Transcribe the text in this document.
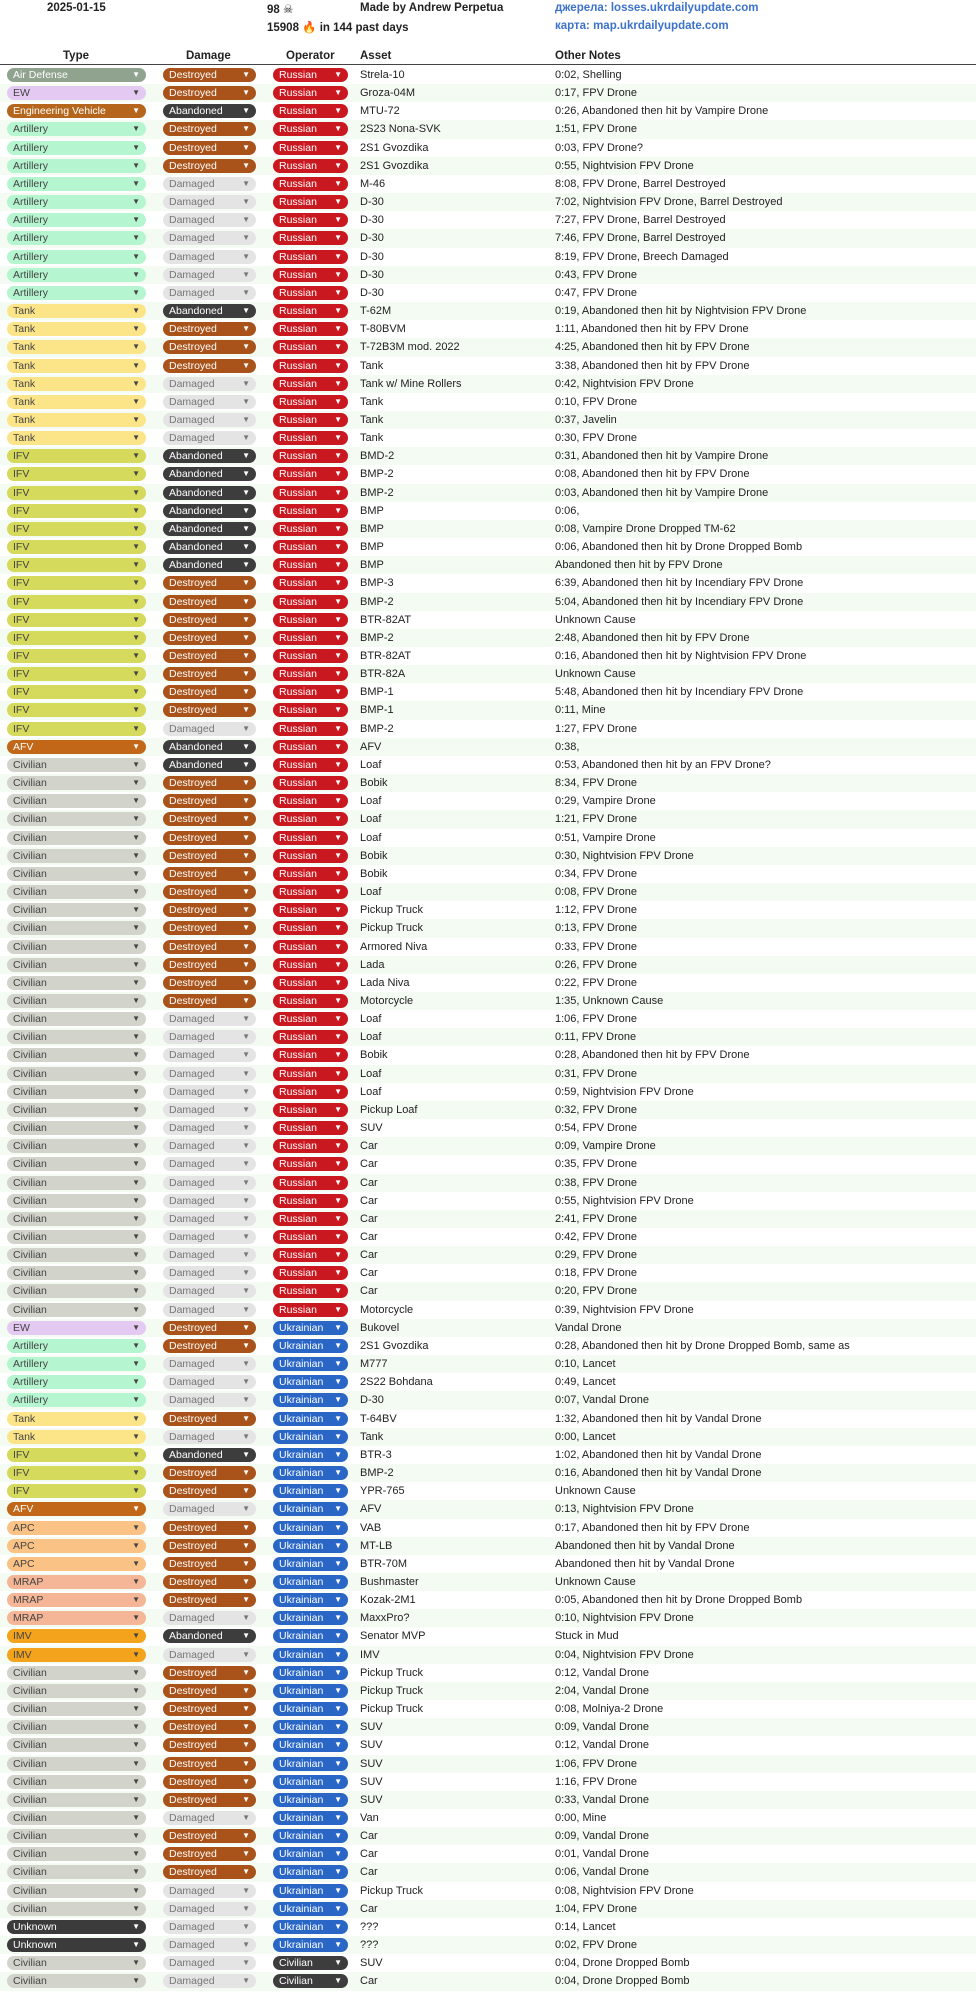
2025-01-15	98 ☠
15908 🔥 in 144 past days
Made by Andrew Perpetua	джерела: losses.ukrdailyupdate.com
карта: map.ukrdailyupdate.com
Type	Damage	Operator Asset	Other Notes
Air Defense	▼	Destroyed	▼	Russian ▼ Strela-10	0:02, Shelling
EW	▼	Destroyed	▼	Russian ▼ Groza-04M	0:17, FPV Drone
Engineering Vehicle	▼	Abandoned ▼	Russian ▼ MTU-72	0:26, Abandoned then hit by Vampire Drone
Artillery	▼	Destroyed	▼	Russian ▼ 2S23 Nona-SVK	1:51, FPV Drone
Artillery	▼	Destroyed	▼	Russian ▼ 2S1 Gvozdika	0:03, FPV Drone?
Artillery	▼	Destroyed	▼	Russian ▼ 2S1 Gvozdika	0:55, Nightvision FPV Drone
Artillery	▼	Damaged	▼	Russian ▼ M-46	8:08, FPV Drone, Barrel Destroyed
Artillery	▼	Damaged	▼	Russian ▼ D-30	7:02, Nightvision FPV Drone, Barrel Destroyed
Artillery	▼	Damaged	▼	Russian ▼ D-30	7:27, FPV Drone, Barrel Destroyed
Artillery	▼	Damaged	▼	Russian ▼ D-30	7:46, FPV Drone, Barrel Destroyed
Artillery	▼	Damaged	▼	Russian ▼ D-30	8:19, FPV Drone, Breech Damaged
Artillery	▼	Damaged	▼	Russian ▼ D-30	0:43, FPV Drone
Artillery	▼	Damaged	▼	Russian ▼ D-30	0:47, FPV Drone
Tank	▼	Abandoned ▼	Russian ▼ T-62M	0:19, Abandoned then hit by Nightvision FPV Drone
Tank	▼	Destroyed	▼	Russian ▼ T-80BVM	1:11, Abandoned then hit by FPV Drone
Tank	▼	Destroyed	▼	Russian ▼ T-72B3M mod. 2022	4:25, Abandoned then hit by FPV Drone
Tank	▼	Destroyed	▼	Russian ▼ Tank	3:38, Abandoned then hit by FPV Drone
Tank	▼	Damaged	▼	Russian ▼ Tank w/ Mine Rollers	0:42, Nightvision FPV Drone
Tank	▼	Damaged	▼	Russian ▼ Tank	0:10, FPV Drone
Tank	▼	Damaged	▼	Russian ▼ Tank	0:37, Javelin
Tank	▼	Damaged	▼	Russian ▼ Tank	0:30, FPV Drone
IFV	▼	Abandoned ▼	Russian ▼ BMD-2	0:31, Abandoned then hit by Vampire Drone
IFV	▼	Abandoned ▼	Russian ▼ BMP-2	0:08, Abandoned then hit by FPV Drone
IFV	▼	Abandoned ▼	Russian ▼ BMP-2	0:03, Abandoned then hit by Vampire Drone
IFV	▼	Abandoned ▼	Russian ▼ BMP	0:06,
IFV	▼	Abandoned ▼	Russian ▼ BMP	0:08, Vampire Drone Dropped TM-62
IFV	▼	Abandoned ▼	Russian ▼ BMP	0:06, Abandoned then hit by Drone Dropped Bomb
IFV	▼	Abandoned ▼	Russian ▼ BMP	Abandoned then hit by FPV Drone
IFV	▼	Destroyed	▼	Russian ▼ BMP-3	6:39, Abandoned then hit by Incendiary FPV Drone
IFV	▼	Destroyed	▼	Russian ▼ BMP-2	5:04, Abandoned then hit by Incendiary FPV Drone
IFV	▼	Destroyed	▼	Russian ▼ BTR-82AT	Unknown Cause
IFV	▼	Destroyed	▼	Russian ▼ BMP-2	2:48, Abandoned then hit by FPV Drone
IFV	▼	Destroyed	▼	Russian ▼ BTR-82AT	0:16, Abandoned then hit by Nightvision FPV Drone
IFV	▼	Destroyed	▼	Russian ▼ BTR-82A	Unknown Cause
IFV	▼	Destroyed	▼	Russian ▼ BMP-1	5:48, Abandoned then hit by Incendiary FPV Drone
IFV	▼	Destroyed	▼	Russian ▼ BMP-1	0:11, Mine
IFV	▼	Damaged	▼	Russian ▼ BMP-2	1:27, FPV Drone
AFV	▼	Abandoned ▼	Russian ▼ AFV	0:38,
Civilian	▼	Abandoned ▼	Russian ▼ Loaf	0:53, Abandoned then hit by an FPV Drone?
Civilian	▼	Destroyed	▼	Russian ▼ Bobik	8:34, FPV Drone
Civilian	▼	Destroyed	▼	Russian ▼ Loaf	0:29, Vampire Drone
Civilian	▼	Destroyed	▼	Russian ▼ Loaf	1:21, FPV Drone
Civilian	▼	Destroyed	▼	Russian ▼ Loaf	0:51, Vampire Drone
Civilian	▼	Destroyed	▼	Russian ▼ Bobik	0:30, Nightvision FPV Drone
Civilian	▼	Destroyed	▼	Russian ▼ Bobik	0:34, FPV Drone
Civilian	▼	Destroyed	▼	Russian ▼ Loaf	0:08, FPV Drone
Civilian	▼	Destroyed	▼	Russian ▼ Pickup Truck	1:12, FPV Drone
Civilian	▼	Destroyed	▼	Russian ▼ Pickup Truck	0:13, FPV Drone
Civilian	▼	Destroyed	▼	Russian ▼ Armored Niva	0:33, FPV Drone
Civilian	▼	Destroyed	▼	Russian ▼ Lada	0:26, FPV Drone
Civilian	▼	Destroyed	▼	Russian ▼ Lada Niva	0:22, FPV Drone
Civilian	▼	Destroyed	▼	Russian ▼ Motorcycle	1:35, Unknown Cause
Civilian	▼	Damaged	▼	Russian ▼ Loaf	1:06, FPV Drone
Civilian	▼	Damaged	▼	Russian ▼ Loaf	0:11, FPV Drone
Civilian	▼	Damaged	▼	Russian ▼ Bobik	0:28, Abandoned then hit by FPV Drone
Civilian	▼	Damaged	▼	Russian ▼ Loaf	0:31, FPV Drone
Civilian	▼	Damaged	▼	Russian ▼ Loaf	0:59, Nightvision FPV Drone
Civilian	▼	Damaged	▼	Russian ▼ Pickup Loaf	0:32, FPV Drone
Civilian	▼	Damaged	▼	Russian ▼ SUV	0:54, FPV Drone
Civilian	▼	Damaged	▼	Russian ▼ Car	0:09, Vampire Drone
Civilian	▼	Damaged	▼	Russian ▼ Car	0:35, FPV Drone
Civilian	▼	Damaged	▼	Russian ▼ Car	0:38, FPV Drone
Civilian	▼	Damaged	▼	Russian ▼ Car	0:55, Nightvision FPV Drone
Civilian	▼	Damaged	▼	Russian ▼ Car	2:41, FPV Drone
Civilian	▼	Damaged	▼	Russian ▼ Car	0:42, FPV Drone
Civilian	▼	Damaged	▼	Russian ▼ Car	0:29, FPV Drone
Civilian	▼	Damaged	▼	Russian ▼ Car	0:18, FPV Drone
Civilian	▼	Damaged	▼	Russian ▼ Car	0:20, FPV Drone
Civilian	▼	Damaged	▼	Russian ▼ Motorcycle	0:39, Nightvision FPV Drone
EW	▼	Destroyed	▼	Ukrainian ▼ Bukovel	Vandal Drone
Artillery	▼	Destroyed	▼	Ukrainian ▼ 2S1 Gvozdika	0:28, Abandoned then hit by Drone Dropped Bomb, same as
Artillery	▼	Damaged	▼	Ukrainian ▼ M777	0:10, Lancet
Artillery	▼	Damaged	▼	Ukrainian ▼ 2S22 Bohdana	0:49, Lancet
Artillery	▼	Damaged	▼	Ukrainian ▼ D-30	0:07, Vandal Drone
Tank	▼	Destroyed	▼	Ukrainian ▼ T-64BV	1:32, Abandoned then hit by Vandal Drone
Tank	▼	Damaged	▼	Ukrainian ▼ Tank	0:00, Lancet
IFV	▼	Abandoned ▼	Ukrainian ▼ BTR-3	1:02, Abandoned then hit by Vandal Drone
IFV	▼	Destroyed	▼	Ukrainian ▼ BMP-2	0:16, Abandoned then hit by Vandal Drone
IFV	▼	Destroyed	▼	Ukrainian ▼ YPR-765	Unknown Cause
AFV	▼	Damaged	▼	Ukrainian ▼ AFV	0:13, Nightvision FPV Drone
APC	▼	Destroyed	▼	Ukrainian ▼ VAB	0:17, Abandoned then hit by FPV Drone
APC	▼	Destroyed	▼	Ukrainian ▼ MT-LB	Abandoned then hit by Vandal Drone
APC	▼	Destroyed	▼	Ukrainian ▼ BTR-70M	Abandoned then hit by Vandal Drone
MRAP	▼	Destroyed	▼	Ukrainian ▼ Bushmaster	Unknown Cause
MRAP	▼	Destroyed	▼	Ukrainian ▼ Kozak-2M1	0:05, Abandoned then hit by Drone Dropped Bomb
MRAP	▼	Damaged	▼	Ukrainian ▼ MaxxPro?	0:10, Nightvision FPV Drone
IMV	▼	Abandoned ▼	Ukrainian ▼ Senator MVP	Stuck in Mud
IMV	▼	Damaged	▼	Ukrainian ▼ IMV	0:04, Nightvision FPV Drone
Civilian	▼	Destroyed	▼	Ukrainian ▼ Pickup Truck	0:12, Vandal Drone
Civilian	▼	Destroyed	▼	Ukrainian ▼ Pickup Truck	2:04, Vandal Drone
Civilian	▼	Destroyed	▼	Ukrainian ▼ Pickup Truck	0:08, Molniya-2 Drone
Civilian	▼	Destroyed	▼	Ukrainian ▼ SUV	0:09, Vandal Drone
Civilian	▼	Destroyed	▼	Ukrainian ▼ SUV	0:12, Vandal Drone
Civilian	▼	Destroyed	▼	Ukrainian ▼ SUV	1:06, FPV Drone
Civilian	▼	Destroyed	▼	Ukrainian ▼ SUV	1:16, FPV Drone
Civilian	▼	Destroyed	▼	Ukrainian ▼ SUV	0:33, Vandal Drone
Civilian	▼	Damaged	▼	Ukrainian ▼ Van	0:00, Mine
Civilian	▼	Destroyed	▼	Ukrainian ▼ Car	0:09, Vandal Drone
Civilian	▼	Destroyed	▼	Ukrainian ▼ Car	0:01, Vandal Drone
Civilian	▼	Destroyed	▼	Ukrainian ▼ Car	0:06, Vandal Drone
Civilian	▼	Damaged	▼	Ukrainian ▼ Pickup Truck	0:08, Nightvision FPV Drone
Civilian	▼	Damaged	▼	Ukrainian ▼ Car	1:04, FPV Drone
Unknown	▼	Damaged	▼	Ukrainian ▼ ???	0:14, Lancet
Unknown	▼	Damaged	▼	Ukrainian ▼ ???	0:02, FPV Drone
Civilian	▼	Damaged	▼	Civilian	▼ SUV	0:04, Drone Dropped Bomb
Civilian	▼	Damaged	▼	Civilian	▼ Car	0:04, Drone Dropped Bomb
